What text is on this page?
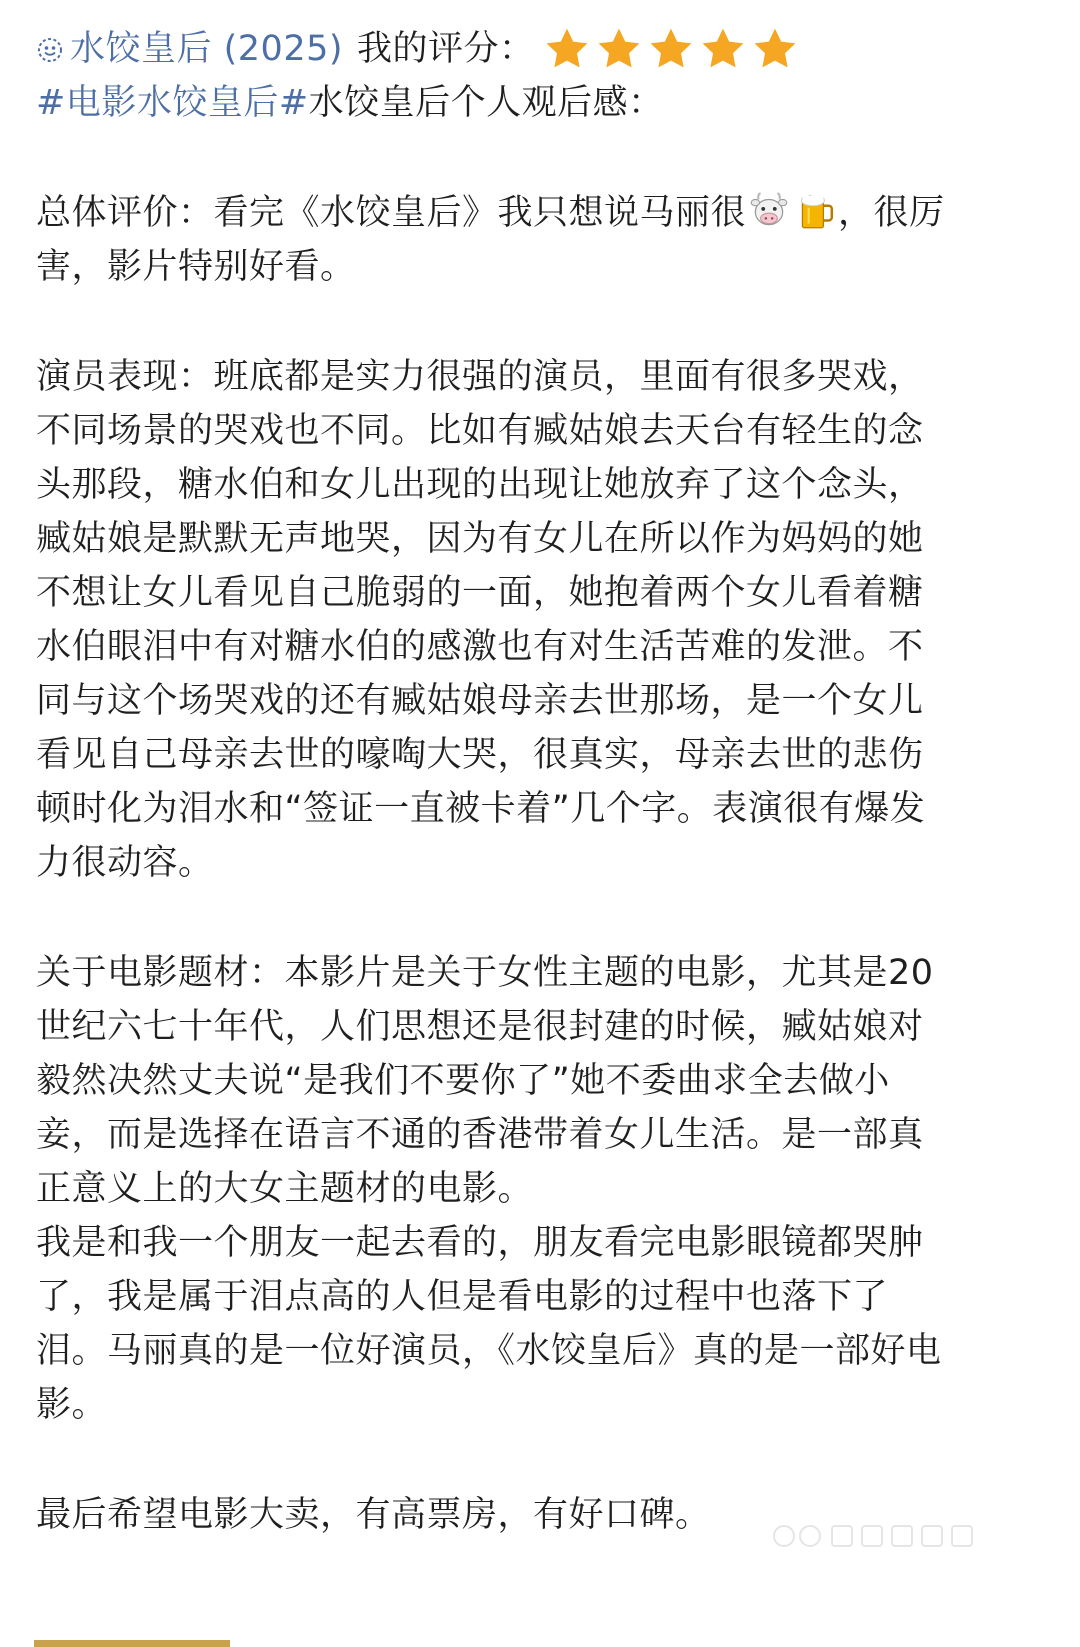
水饺皇后 (2025) 我的评分：
#电影水饺皇后#水饺皇后个人观后感：
总体评价：看完《水饺皇后》我只想说马丽很	，很厉
害，影片特别好看。
演员表现：班底都是实力很强的演员，里面有很多哭戏，
不同场景的哭戏也不同。比如有臧姑娘去天台有轻生的念
头那段，糖水伯和女儿出现的出现让她放弃了这个念头，
臧姑娘是默默无声地哭，因为有女儿在所以作为妈妈的她
不想让女儿看见自己脆弱的一面，她抱着两个女儿看着糖
水伯眼泪中有对糖水伯的感激也有对生活苦难的发泄。不
同与这个场哭戏的还有臧姑娘母亲去世那场，是一个女儿
看见自己母亲去世的嚎啕大哭，很真实，母亲去世的悲伤
顿时化为泪水和“签证一直被卡着”几个字。表演很有爆发
力很动容。
关于电影题材：本影片是关于女性主题的电影，尤其是20
世纪六七十年代，人们思想还是很封建的时候，臧姑娘对
毅然决然丈夫说“是我们不要你了”她不委曲求全去做小
妾，而是选择在语言不通的香港带着女儿生活。是一部真
正意义上的大女主题材的电影。
我是和我一个朋友一起去看的，朋友看完电影眼镜都哭肿
了，我是属于泪点高的人但是看电影的过程中也落下了
泪。马丽真的是一位好演员，《水饺皇后》真的是一部好电
影。
最后希望电影大卖，有高票房，有好口碑。
